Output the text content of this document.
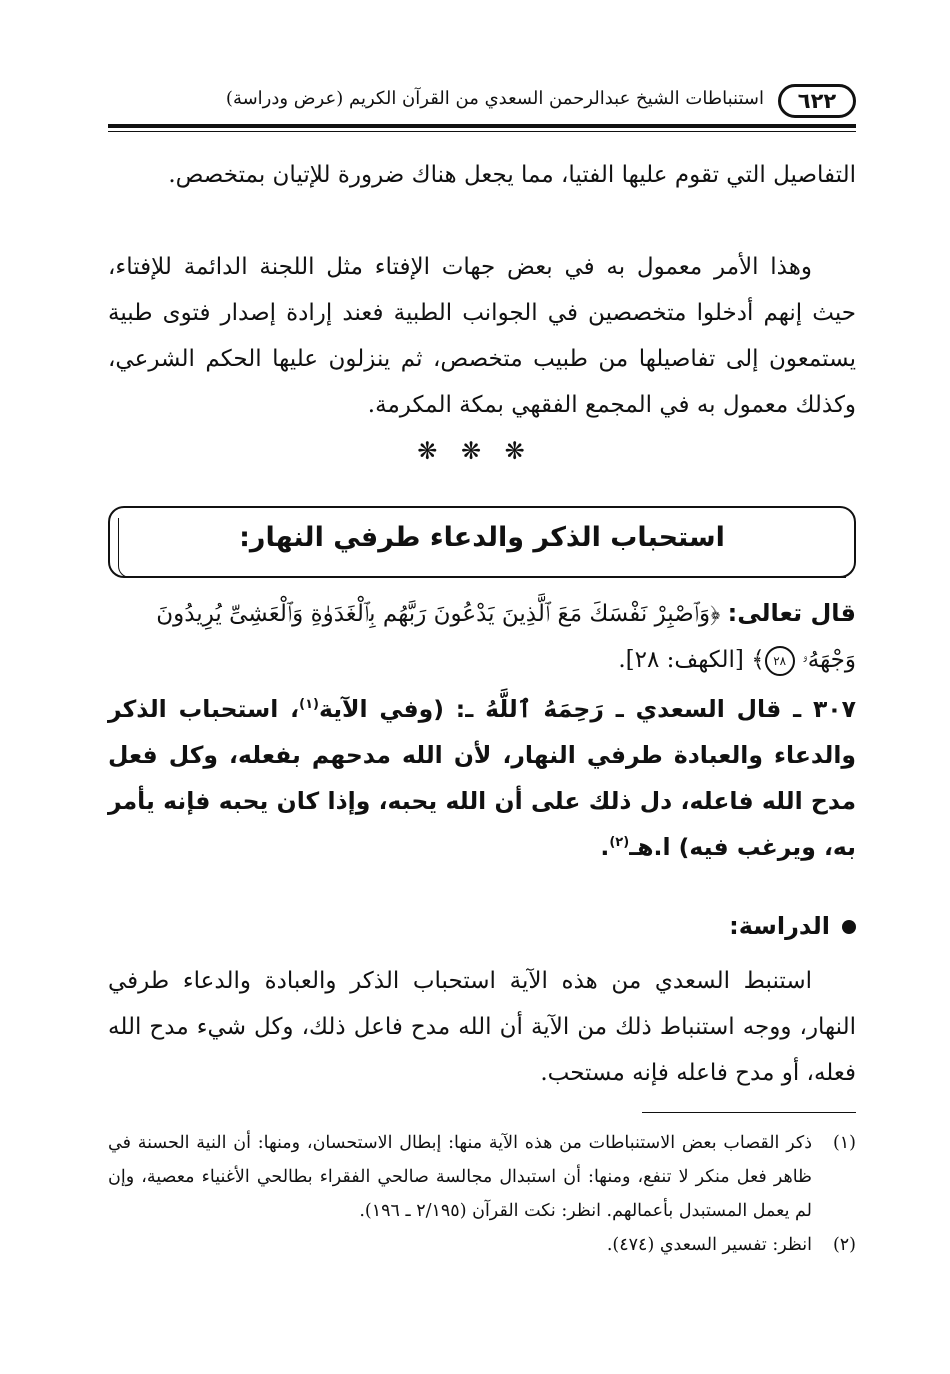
٦٢٢
استنباطات الشيخ عبدالرحمن السعدي من القرآن الكريم (عرض ودراسة)

التفاصيل التي تقوم عليها الفتيا، مما يجعل هناك ضرورة للإتيان بمتخصص.

وهذا الأمر معمول به في بعض جهات الإفتاء مثل اللجنة الدائمة للإفتاء، حيث إنهم أدخلوا متخصصين في الجوانب الطبية فعند إرادة إصدار فتوى طبية يستمعون إلى تفاصيلها من طبيب متخصص، ثم ينزلون عليها الحكم الشرعي، وكذلك معمول به في المجمع الفقهي بمكة المكرمة.

❋ ❋ ❋
استحباب الذكر والدعاء طرفي النهار:
قال تعالى: ﴿وَٱصْبِرْ نَفْسَكَ مَعَ ٱلَّذِينَ يَدْعُونَ رَبَّهُم بِٱلْغَدَوٰةِ وَٱلْعَشِىِّ يُرِيدُونَ وَجْهَهُۥ ٢٨﴾ [الكهف: ٢٨].

٣٠٧ ـ قال السعدي ـ رَحِمَهُ ٱللَّهُ ـ: (وفي الآية$^{(١)}$، استحباب الذكر والدعاء والعبادة طرفي النهار، لأن الله مدحهم بفعله، وكل فعل مدح الله فاعله، دل ذلك على أن الله يحبه، وإذا كان يحبه فإنه يأمر به، ويرغب فيه) ا.هـ$^{(٢)}$.

الدراسة:

استنبط السعدي من هذه الآية استحباب الذكر والعبادة والدعاء طرفي النهار، ووجه استنباط ذلك من الآية أن الله مدح فاعل ذلك، وكل شيء مدح الله فعله، أو مدح فاعله فإنه مستحب.

(١)
ذكر القصاب بعض الاستنباطات من هذه الآية منها: إبطال الاستحسان، ومنها: أن النية الحسنة في ظاهر فعل منكر لا تنفع، ومنها: أن استبدال مجالسة صالحي الفقراء بطالحي الأغنياء معصية، وإن لم يعمل المستبدل بأعمالهم. انظر: نكت القرآن (٢/١٩٥ ـ ١٩٦).
(٢)
انظر: تفسير السعدي (٤٧٤).
